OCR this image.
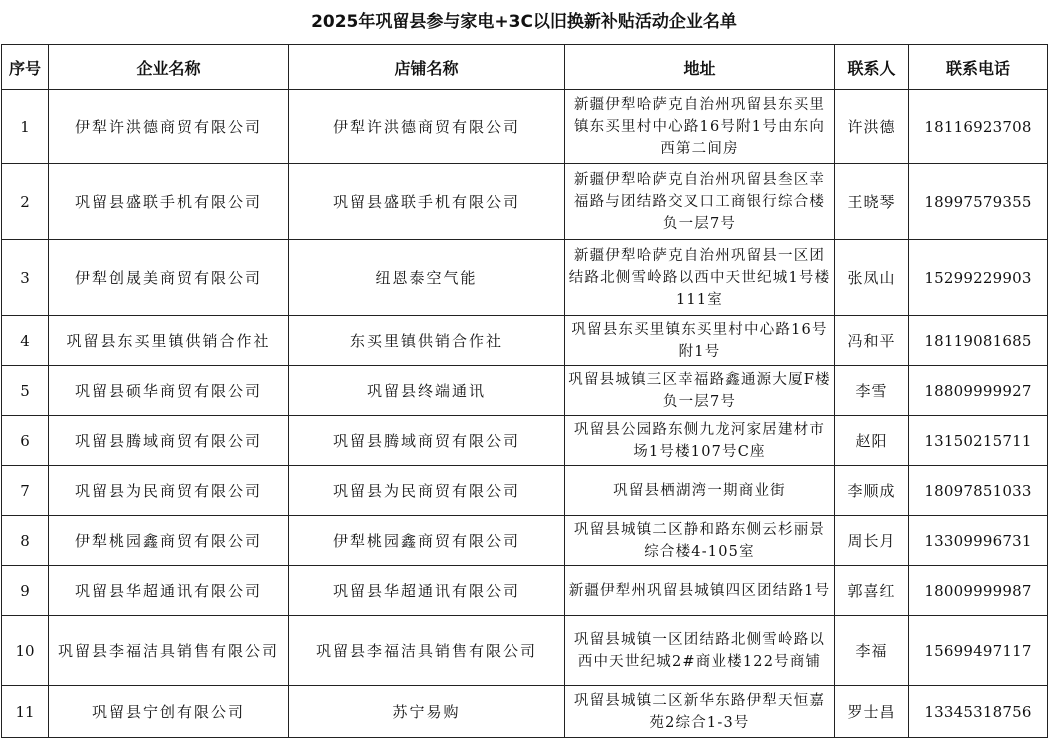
2025年巩留县参与家电+3C以旧换新补贴活动企业名单
序号	企业名称	店铺名称	地址	联系人	联系电话
1	伊犁许洪德商贸有限公司	伊犁许洪德商贸有限公司	新疆伊犁哈萨克自治州巩留县东买里镇东买里村中心路16号附1号由东向西第二间房	许洪德	18116923708
2	巩留县盛联手机有限公司	巩留县盛联手机有限公司	新疆伊犁哈萨克自治州巩留县叁区幸福路与团结路交叉口工商银行综合楼负一层7号	王晓琴	18997579355
3	伊犁创晟美商贸有限公司	纽恩泰空气能	新疆伊犁哈萨克自治州巩留县一区团结路北侧雪岭路以西中天世纪城1号楼111室	张凤山	15299229903
4	巩留县东买里镇供销合作社	东买里镇供销合作社	巩留县东买里镇东买里村中心路16号附1号	冯和平	18119081685
5	巩留县硕华商贸有限公司	巩留县终端通讯	巩留县城镇三区幸福路鑫通源大厦F楼负一层7号	李雪	18809999927
6	巩留县腾域商贸有限公司	巩留县腾域商贸有限公司	巩留县公园路东侧九龙河家居建材市场1号楼107号C座	赵阳	13150215711
7	巩留县为民商贸有限公司	巩留县为民商贸有限公司	巩留县栖湖湾一期商业街	李顺成	18097851033
8	伊犁桃园鑫商贸有限公司	伊犁桃园鑫商贸有限公司	巩留县城镇二区静和路东侧云杉丽景综合楼4-105室	周长月	13309996731
9	巩留县华超通讯有限公司	巩留县华超通讯有限公司	新疆伊犁州巩留县城镇四区团结路1号	郭喜红	18009999987
10	巩留县李福洁具销售有限公司	巩留县李福洁具销售有限公司	巩留县城镇一区团结路北侧雪岭路以西中天世纪城2#商业楼122号商铺	李福	15699497117
11	巩留县宁创有限公司	苏宁易购	巩留县城镇二区新华东路伊犁天恒嘉苑2综合1-3号	罗士昌	13345318756
